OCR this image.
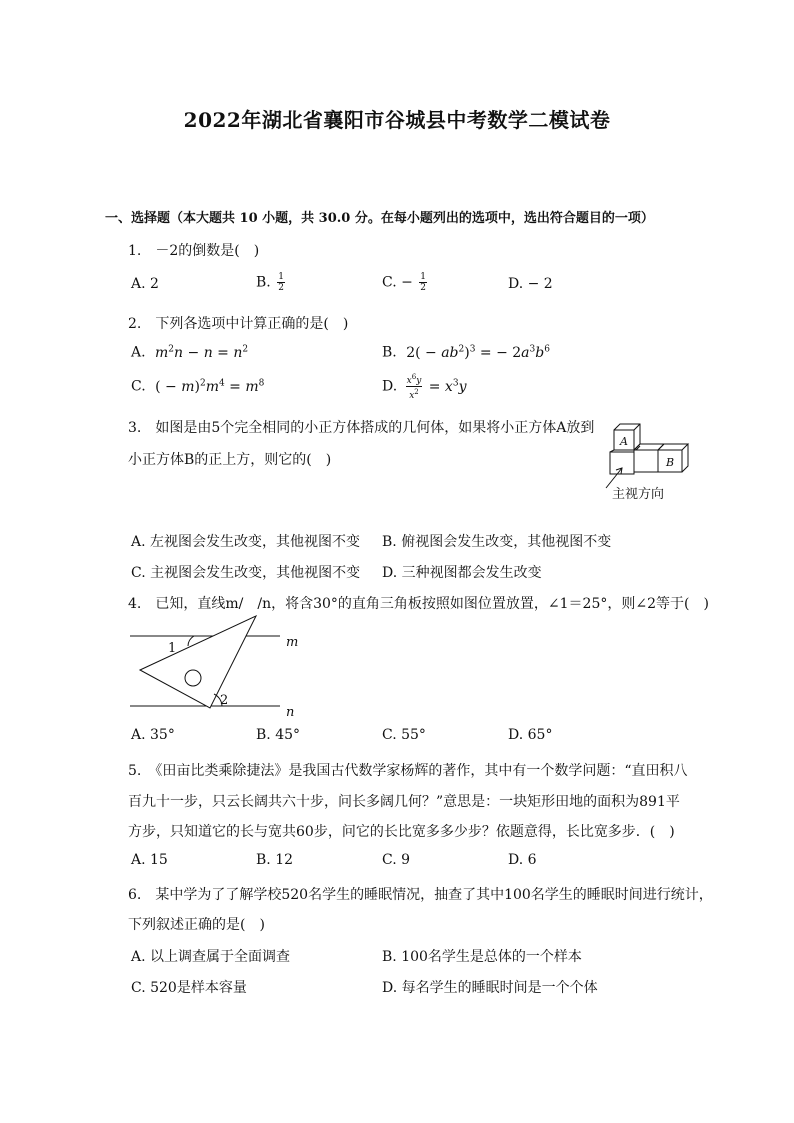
2022年湖北省襄阳市谷城县中考数学二模试卷
一、选择题（本大题共 10 小题，共 30.0 分。在每小题列出的选项中，选出符合题目的一项）
1.　－2的倒数是(　)
A. 2	B. $\frac{1}{2}$	C. − $\frac{1}{2}$	D. − 2
2.　下列各选项中计算正确的是(　)
A. $m^2n - n = n^2$	B. $2( - ab^2)^3$ = − $2a^3b^6$
C. ( − $m)^2m^4 = m^8$	D. $\frac{x^6y}{x^2} = x^3y$
3.　如图是由5个完全相同的小正方体搭成的几何体，如果将小正方体A放到
小正方体B的正上方，则它的(　)
A
B
主视方向
A. 左视图会发生改变，其他视图不变 B. 俯视图会发生改变，其他视图不变
C. 主视图会发生改变，其他视图不变 D. 三种视图都会发生改变
4.　已知，直线m/　/n，将含30°的直角三角板按照如图位置放置，∠1＝25°，则∠2等于(　)
m
n
1
2
A. 35°	B. 45°	C. 55°	D. 65°
5.　《田亩比类乘除捷法》是我国古代数学家杨辉的著作，其中有一个数学问题：“直田积八
百九十一步，只云长阔共六十步，问长多阔几何？”意思是：一块矩形田地的面积为891平
方步，只知道它的长与宽共60步，问它的长比宽多多少步？依题意得，长比宽多步．(　)
A. 15	B. 12	C. 9	D. 6
6.　某中学为了了解学校520名学生的睡眠情况，抽查了其中100名学生的睡眠时间进行统计，
下列叙述正确的是(　)
A. 以上调查属于全面调查	B. 100名学生是总体的一个样本
C. 520是样本容量	D. 每名学生的睡眠时间是一个个体
